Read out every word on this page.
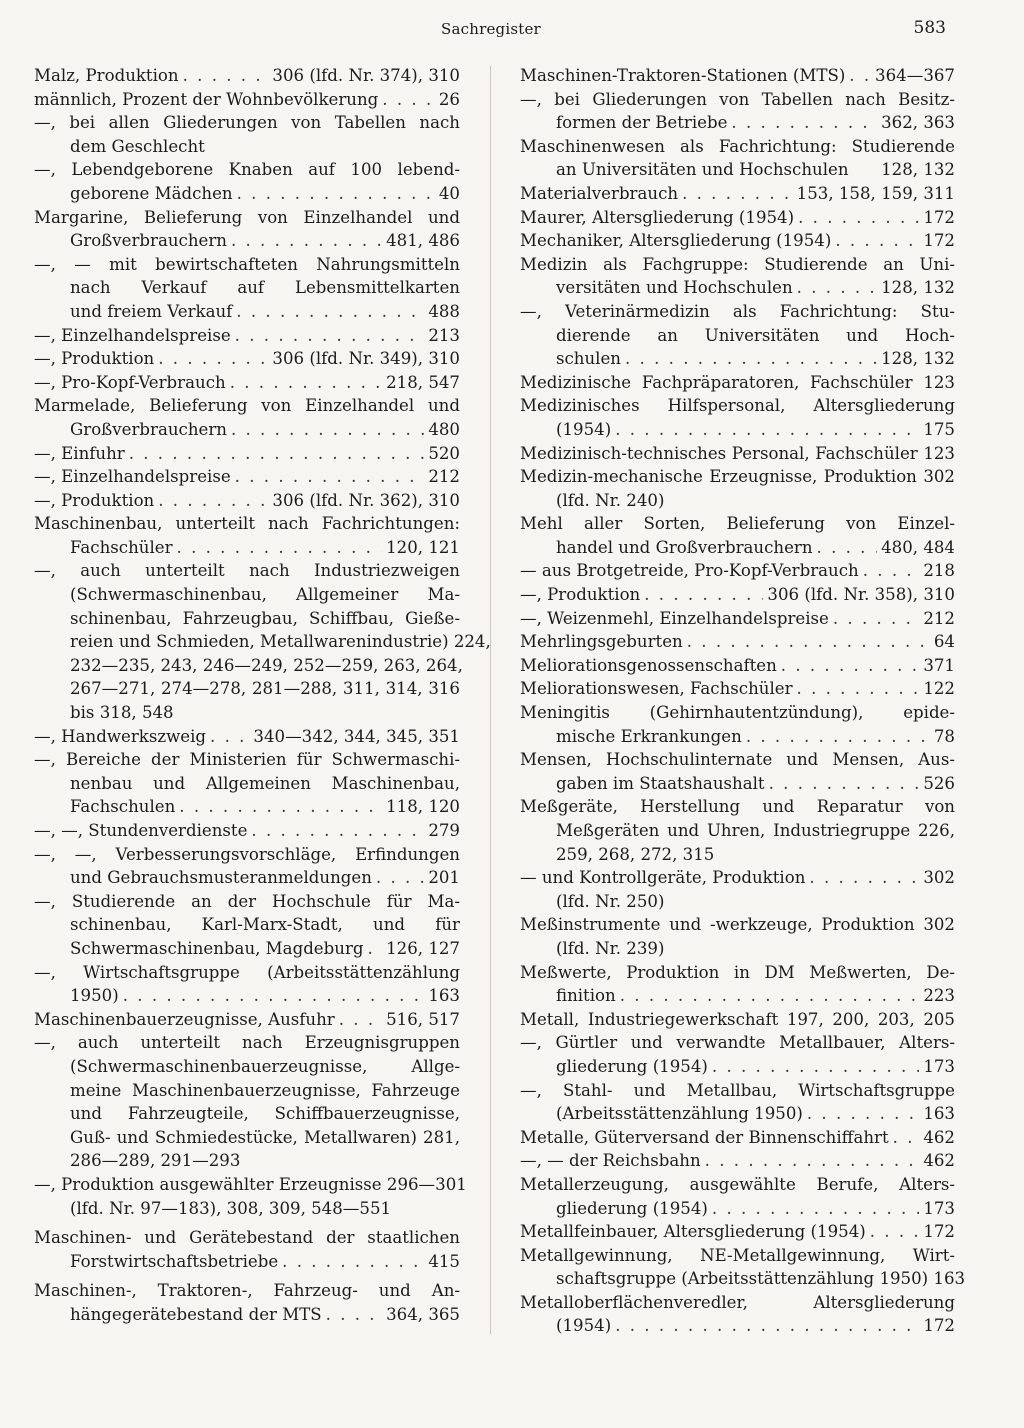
Sachregister	583
Malz, Produktion . . .	306 (lfd. Nr. 374), 310
männlich, Prozent der Wohnbevölkerung . . .	26
—, bei allen Gliederungen von Tabellen nach
dem Geschlecht
—, Lebendgeborene Knaben auf 100 lebend-
geborene Mädchen . . .	40
Margarine, Belieferung von Einzelhandel und
Großverbrauchern . . .	481, 486
—, — mit bewirtschafteten Nahrungsmitteln
nach Verkauf auf Lebensmittelkarten
und freiem Verkauf . . .	488
—, Einzelhandelspreise . . .	213
—, Produktion . . .	306 (lfd. Nr. 349), 310
—, Pro-Kopf-Verbrauch . . .	218, 547
Marmelade, Belieferung von Einzelhandel und
Großverbrauchern . . .	480
—, Einfuhr . . .	520
—, Einzelhandelspreise . . .	212
—, Produktion . . .	306 (lfd. Nr. 362), 310
Maschinenbau, unterteilt nach Fachrichtungen:
Fachschüler . . .	120, 121
—, auch unterteilt nach Industriezweigen
(Schwermaschinenbau, Allgemeiner Ma-
schinenbau, Fahrzeugbau, Schiffbau, Gieße-
reien und Schmieden, Metallwarenindustrie) 224,
232—235, 243, 246—249, 252—259, 263, 264,
267—271, 274—278, 281—288, 311, 314, 316
bis 318, 548
—, Handwerkszweig . . .	340—342, 344, 345, 351
—, Bereiche der Ministerien für Schwermaschi-
nenbau und Allgemeinen Maschinenbau,
Fachschulen . . .	118, 120
—, —, Stundenverdienste . . .	279
—, —, Verbesserungsvorschläge, Erfindungen
und Gebrauchsmusteranmeldungen . . .	201
—, Studierende an der Hochschule für Ma-
schinenbau, Karl-Marx-Stadt, und für
Schwermaschinenbau, Magdeburg . . . 126, 127
—, Wirtschaftsgruppe (Arbeitsstättenzählung
1950) . . .	163
Maschinenbauerzeugnisse, Ausfuhr . . .	516, 517
—, auch unterteilt nach Erzeugnisgruppen
(Schwermaschinenbauerzeugnisse, Allge-
meine Maschinenbauerzeugnisse, Fahrzeuge
und Fahrzeugteile, Schiffbauerzeugnisse,
Guß- und Schmiedestücke, Metallwaren) 281,
286—289, 291—293
—, Produktion ausgewählter Erzeugnisse 296—301
(lfd. Nr. 97—183), 308, 309, 548—551
Maschinen- und Gerätebestand der staatlichen
Forstwirtschaftsbetriebe . . .	415
Maschinen-, Traktoren-, Fahrzeug- und An-
hängegerätebestand der MTS . . .	364, 365
Maschinen-Traktoren-Stationen (MTS) . . . 364—367
—, bei Gliederungen von Tabellen nach Besitz-
formen der Betriebe . . .	362, 363
Maschinenwesen als Fachrichtung: Studierende
an Universitäten und Hochschulen 128, 132
Materialverbrauch . . .	153, 158, 159, 311
Maurer, Altersgliederung (1954) . . .	172
Mechaniker, Altersgliederung (1954) . . .	172
Medizin als Fachgruppe: Studierende an Uni-
versitäten und Hochschulen . . .	128, 132
—, Veterinärmedizin als Fachrichtung: Stu-
dierende an Universitäten und Hoch-
schulen . . .	128, 132
Medizinische Fachpräparatoren, Fachschüler 123
Medizinisches Hilfspersonal, Altersgliederung
(1954) . . .	175
Medizinisch-technisches Personal, Fachschüler 123
Medizin-mechanische Erzeugnisse, Produktion 302
(lfd. Nr. 240)
Mehl aller Sorten, Belieferung von Einzel-
handel und Großverbrauchern . . .	480, 484
— aus Brotgetreide, Pro-Kopf-Verbrauch . . .	218
—, Produktion . . .	306 (lfd. Nr. 358), 310
—, Weizenmehl, Einzelhandelspreise . . .	212
Mehrlingsgeburten . . .	64
Meliorationsgenossenschaften . . .	371
Meliorationswesen, Fachschüler . . .	122
Meningitis (Gehirnhautentzündung), epide-
mische Erkrankungen . . .	78
Mensen, Hochschulinternate und Mensen, Aus-
gaben im Staatshaushalt . . .	526
Meßgeräte, Herstellung und Reparatur von
Meßgeräten und Uhren, Industriegruppe 226,
259, 268, 272, 315
— und Kontrollgeräte, Produktion . . .	302
(lfd. Nr. 250)
Meßinstrumente und -werkzeuge, Produktion 302
(lfd. Nr. 239)
Meßwerte, Produktion in DM Meßwerten, De-
finition . . .	223
Metall, Industriegewerkschaft 197, 200, 203, 205
—, Gürtler und verwandte Metallbauer, Alters-
gliederung (1954) . . .	173
—, Stahl- und Metallbau, Wirtschaftsgruppe
(Arbeitsstättenzählung 1950) . . .	163
Metalle, Güterversand der Binnenschiffahrt . . . 462
—, — der Reichsbahn . . .	462
Metallerzeugung, ausgewählte Berufe, Alters-
gliederung (1954) . . .	173
Metallfeinbauer, Altersgliederung (1954) . . .	172
Metallgewinnung, NE-Metallgewinnung, Wirt-
schaftsgruppe (Arbeitsstättenzählung 1950) 163
Metalloberflächenveredler, Altersgliederung
(1954) . . .	172
